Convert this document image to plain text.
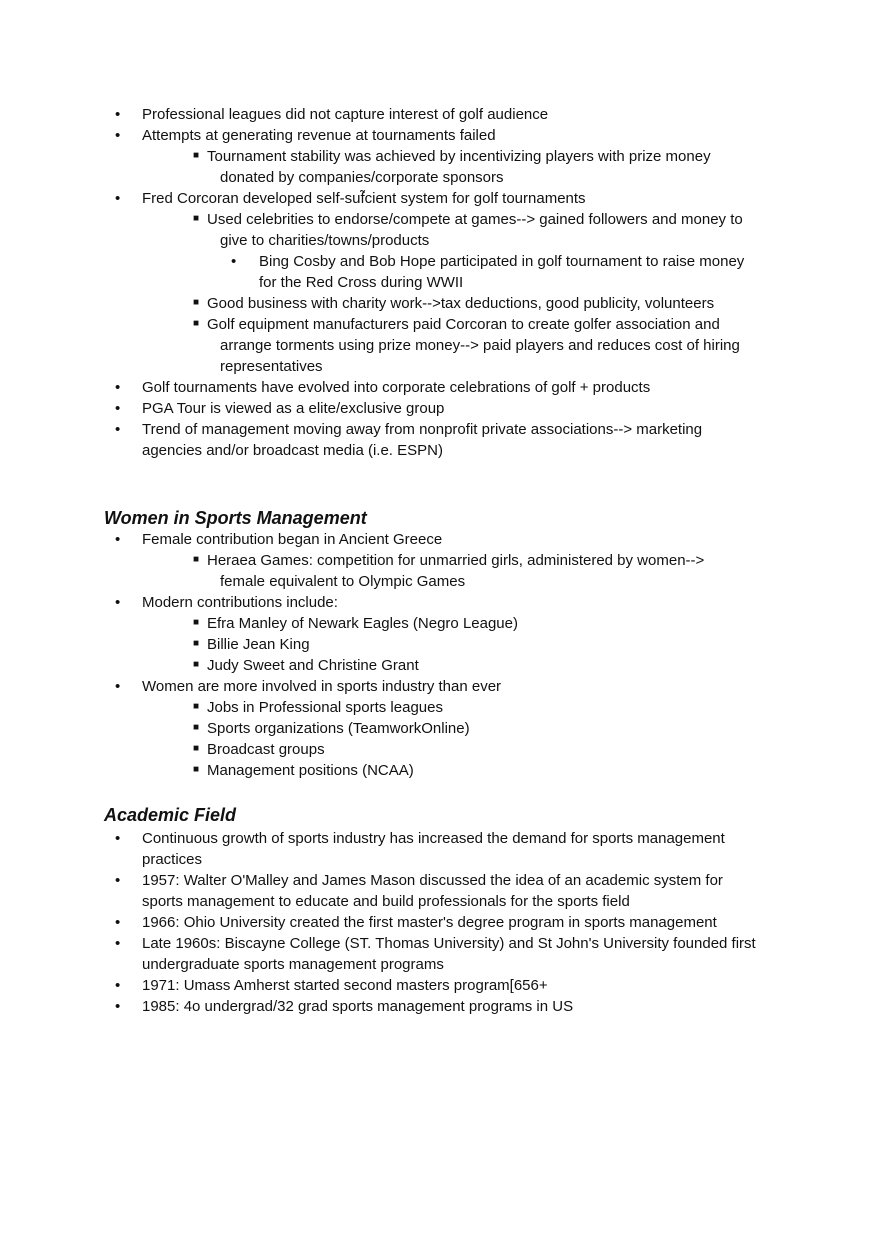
• Professional leagues did not capture interest of golf audience
• Attempts at generating revenue at tournaments failed
■ Tournament stability was achieved by incentivizing players with prize money
donated by companies/corporate sponsors
• Fred Corcoran developed self-suf̃cient system for golf tournaments
■ Used celebrities to endorse/compete at games--> gained followers and money to
give to charities/towns/products
• Bing Cosby and Bob Hope participated in golf tournament to raise money
for the Red Cross during WWII
■ Good business with charity work-->tax deductions, good publicity, volunteers
■ Golf equipment manufacturers paid Corcoran to create golfer association and
arrange torments using prize money--> paid players and reduces cost of hiring
representatives
• Golf tournaments have evolved into corporate celebrations of golf + products
• PGA Tour is viewed as a elite/exclusive group
• Trend of management moving away from nonprofit private associations--> marketing
agencies and/or broadcast media (i.e. ESPN)
Women in Sports Management
• Female contribution began in Ancient Greece
■ Heraea Games: competition for unmarried girls, administered by women-->
female equivalent to Olympic Games
• Modern contributions include:
■ Efra Manley of Newark Eagles (Negro League)
■ Billie Jean King
■ Judy Sweet and Christine Grant
• Women are more involved in sports industry than ever
■ Jobs in Professional sports leagues
■ Sports organizations (TeamworkOnline)
■ Broadcast groups
■ Management positions (NCAA)
Academic Field
• Continuous growth of sports industry has increased the demand for sports management
practices
• 1957: Walter O'Malley and James Mason discussed the idea of an academic system for
sports management to educate and build professionals for the sports field
• 1966: Ohio University created the first master's degree program in sports management
• Late 1960s: Biscayne College (ST. Thomas University) and St John's University founded first
undergraduate sports management programs
• 1971: Umass Amherst started second masters program[656+
• 1985: 4o undergrad/32 grad sports management programs in US
